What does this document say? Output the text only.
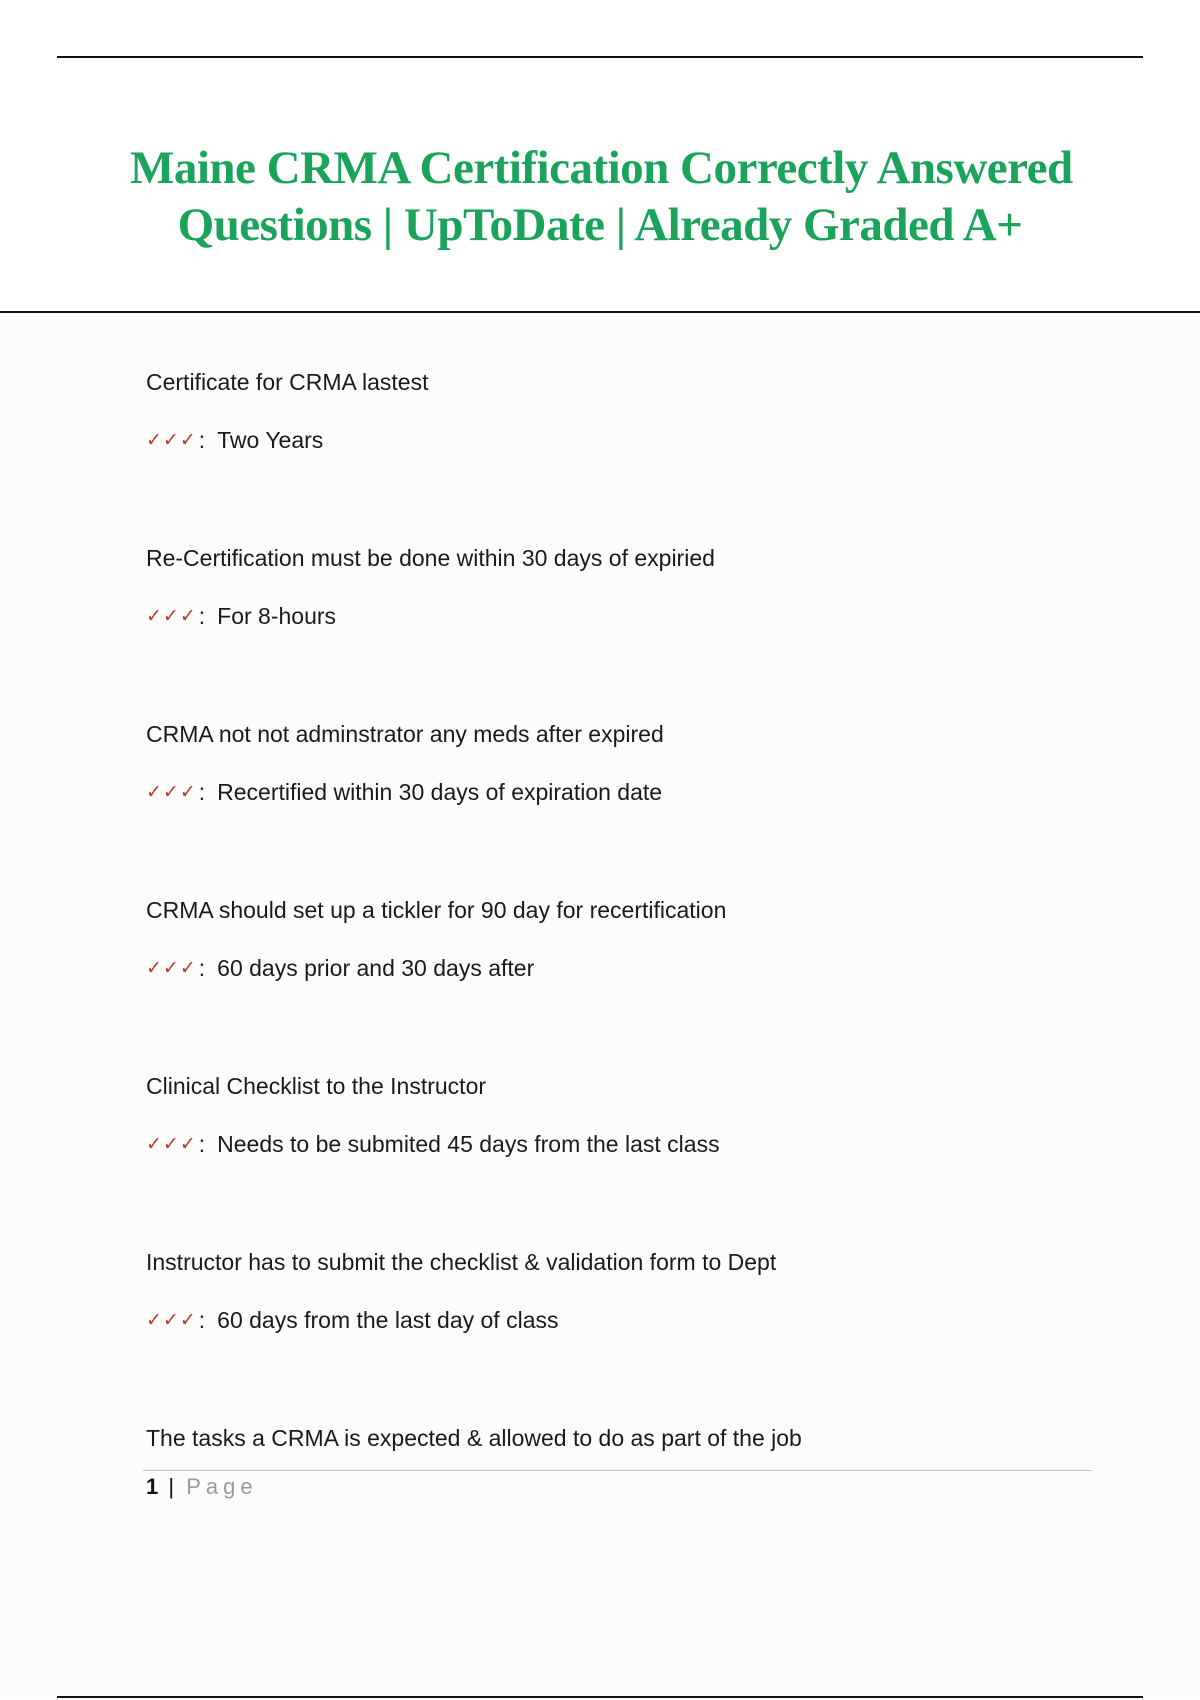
Maine CRMA Certification Correctly Answered
Questions | UpToDate | Already Graded A+
Certificate for CRMA lastest
✓✓✓ : Two Years
Re-Certification must be done within 30 days of expiried
✓✓✓ : For 8-hours
CRMA not not adminstrator any meds after expired
✓✓✓ : Recertified within 30 days of expiration date
CRMA should set up a tickler for 90 day for recertification
✓✓✓ : 60 days prior and 30 days after
Clinical Checklist to the Instructor
✓✓✓ : Needs to be submited 45 days from the last class
Instructor has to submit the checklist & validation form to Dept
✓✓✓ : 60 days from the last day of class
The tasks a CRMA is expected & allowed to do as part of the job
1 | Page
